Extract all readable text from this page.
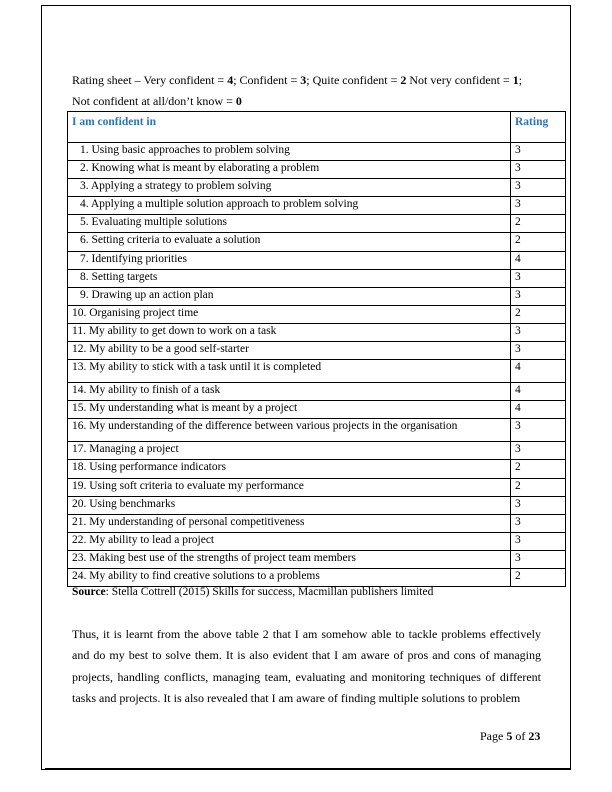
Rating sheet – Very confident = 4; Confident = 3; Quite confident = 2 Not very confident = 1; Not confident at all/don’t know = 0
I am confident in	Rating
1. Using basic approaches to problem solving	3
2. Knowing what is meant by elaborating a problem	3
3. Applying a strategy to problem solving	3
4. Applying a multiple solution approach to problem solving	3
5. Evaluating multiple solutions	2
6. Setting criteria to evaluate a solution	2
7. Identifying priorities	4
8. Setting targets	3
9. Drawing up an action plan	3
10. Organising project time	2
11. My ability to get down to work on a task	3
12. My ability to be a good self-starter	3
13. My ability to stick with a task until it is completed	4
14. My ability to finish of a task	4
15. My understanding what is meant by a project	4
16. My understanding of the difference between various projects in the organisation	3
17. Managing a project	3
18. Using performance indicators	2
19. Using soft criteria to evaluate my performance	2
20. Using benchmarks	3
21. My understanding of personal competitiveness	3
22. My ability to lead a project	3
23. Making best use of the strengths of project team members	3
24. My ability to find creative solutions to a problems	2
Source: Stella Cottrell (2015) Skills for success, Macmillan publishers limited
Thus, it is learnt from the above table 2 that I am somehow able to tackle problems effectively and do my best to solve them. It is also evident that I am aware of pros and cons of managing projects, handling conflicts, managing team, evaluating and monitoring techniques of different tasks and projects. It is also revealed that I am aware of finding multiple solutions to problem
Page 5 of 23
